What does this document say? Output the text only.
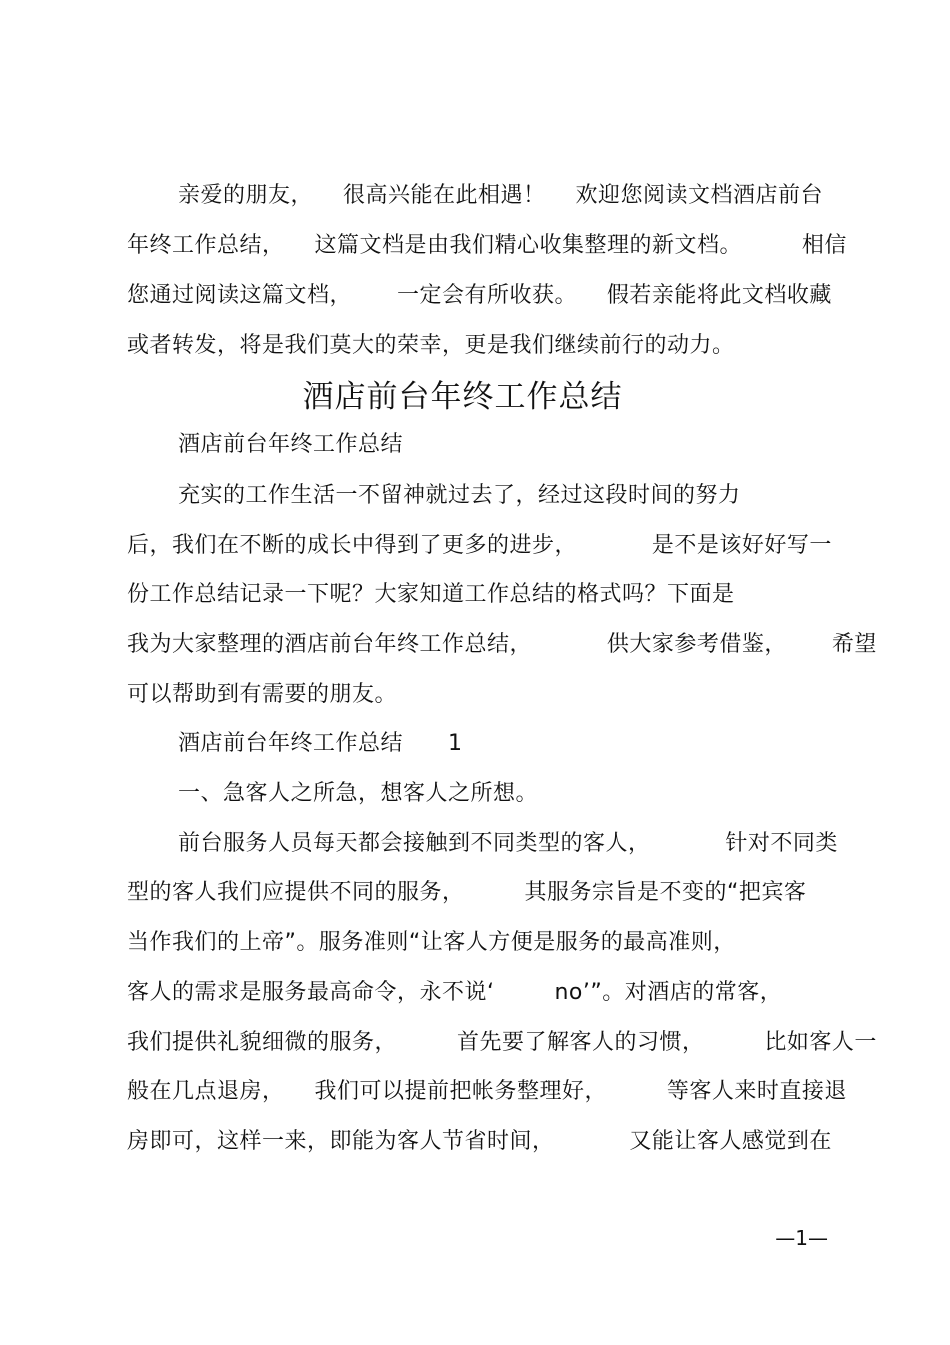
亲爱的朋友，    很高兴能在此相遇！    欢迎您阅读文档酒店前台
年终工作总结，    这篇文档是由我们精心收集整理的新文档。        相信
您通过阅读这篇文档，      一定会有所收获。    假若亲能将此文档收藏
或者转发，将是我们莫大的荣幸，更是我们继续前行的动力。
酒店前台年终工作总结
酒店前台年终工作总结
充实的工作生活一不留神就过去了，经过这段时间的努力
后，我们在不断的成长中得到了更多的进步，          是不是该好好写一
份工作总结记录一下呢？大家知道工作总结的格式吗？下面是
我为大家整理的酒店前台年终工作总结，          供大家参考借鉴，      希望
可以帮助到有需要的朋友。
酒店前台年终工作总结      1
一、急客人之所急，想客人之所想。
前台服务人员每天都会接触到不同类型的客人，          针对不同类
型的客人我们应提供不同的服务，        其服务宗旨是不变的“把宾客
当作我们的上帝”。服务准则“让客人方便是服务的最高准则，
客人的需求是服务最高命令，永不说‘        no’”。对酒店的常客，
我们提供礼貌细微的服务，        首先要了解客人的习惯，        比如客人一
般在几点退房，    我们可以提前把帐务整理好，        等客人来时直接退
房即可，这样一来，即能为客人节省时间，          又能让客人感觉到在
—1—
